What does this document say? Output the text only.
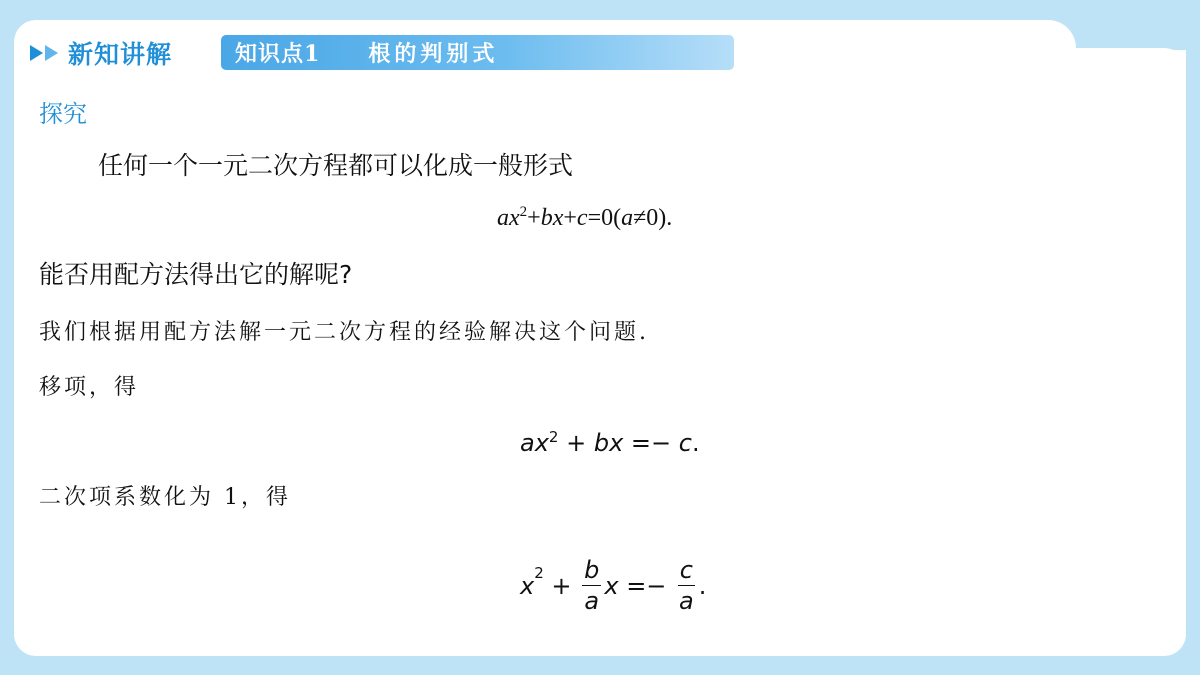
新知讲解	知识点1 根的判别式
探究
任何一个一元二次方程都可以化成一般形式
$ax^2+bx+c=0(a\ne 0)$.
能否用配方法得出它的解呢?
我们根据用配方法解一元二次方程的经验解决这个问题.
移项，得
$ax^2$ + bx =− c.
二次项系数化为 1，得
$x^2 + \frac{b}{a}$ $x =- \frac{c}{a}$ .
